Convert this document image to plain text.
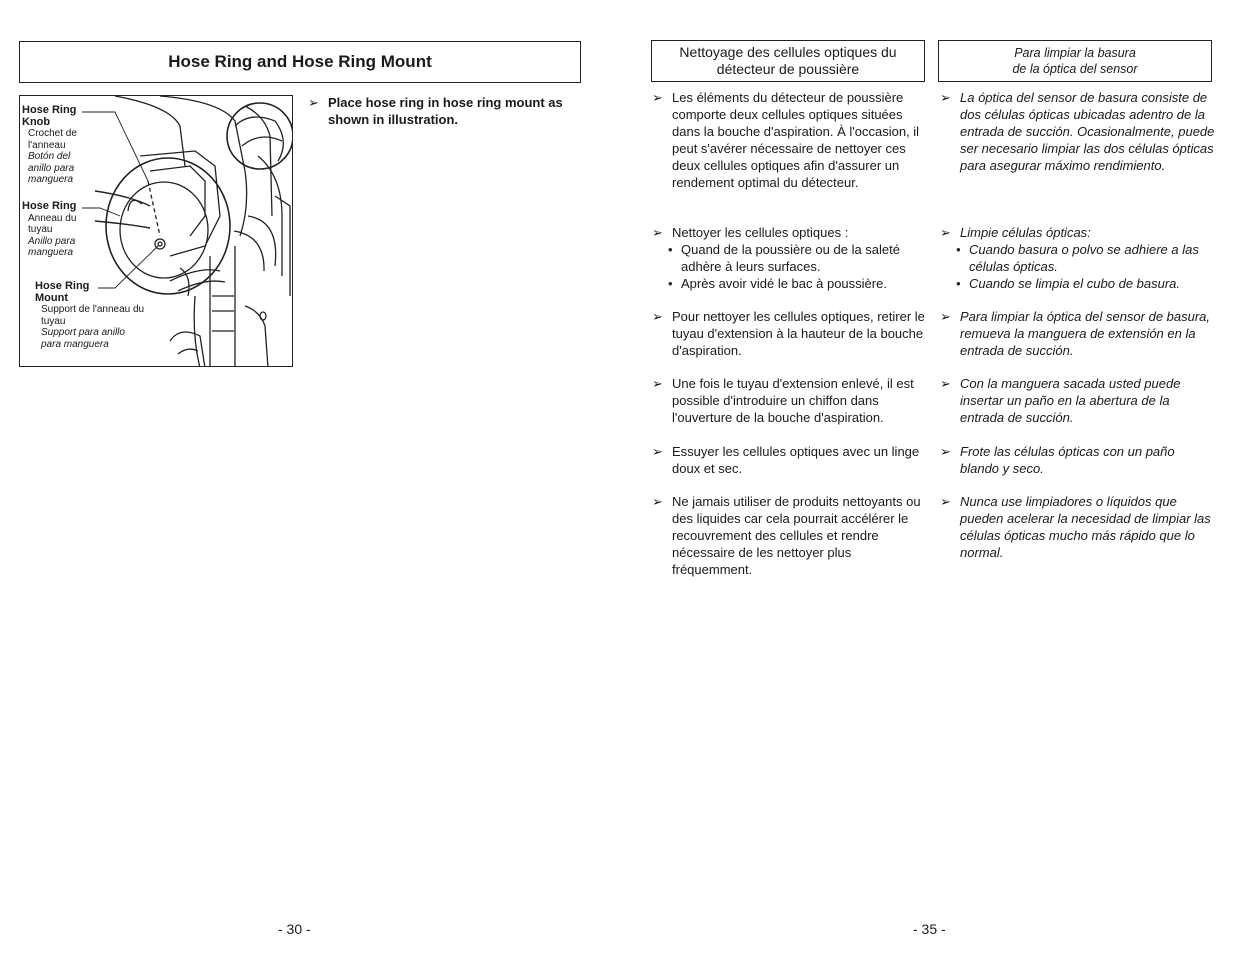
Hose Ring and Hose Ring Mount
Hose Ring Knob
Crochet de l'anneau
Botón del anillo para manguera
Hose Ring
Anneau du tuyau
Anillo para manguera
Hose Ring Mount
Support de l'anneau du tuyau
Support para anillo para manguera
➢ Place hose ring in hose ring mount as shown in illustration.
- 30 -
Nettoyage des cellules optiques du
détecteur de poussière
Para limpiar la basura
de la óptica del sensor
➢ Les éléments du détecteur de poussière comporte deux cellules optiques situées dans la bouche d'aspiration. À l'occasion, il peut s'avérer nécessaire de nettoyer ces deux cellules optiques afin d'assurer un rendement optimal du détecteur.
➢ Nettoyer les cellules optiques :
• Quand de la poussière ou de la saleté adhère à leurs surfaces.
• Après avoir vidé le bac à poussière.
➢ Pour nettoyer les cellules optiques, retirer le tuyau d'extension à la hauteur de la bouche d'aspiration.
➢ Une fois le tuyau d'extension enlevé, il est possible d'introduire un chiffon dans l'ouverture de la bouche d'aspiration.
➢ Essuyer les cellules optiques avec un linge doux et sec.
➢ Ne jamais utiliser de produits nettoyants ou des liquides car cela pourrait accélérer le recouvrement des cellules et rendre nécessaire de les nettoyer plus fréquemment.
➢ La óptica del sensor de basura consiste de dos células ópticas ubicadas adentro de la entrada de succión. Ocasionalmente, puede ser necesario limpiar las dos células ópticas para asegurar máximo rendimiento.
➢ Limpie células ópticas:
• Cuando basura o polvo se adhiere a las células ópticas.
• Cuando se limpia el cubo de basura.
➢ Para limpiar la óptica del sensor de basura, remueva la manguera de extensión en la entrada de succión.
➢ Con la manguera sacada usted puede insertar un paño en la abertura de la entrada de succión.
➢ Frote las células ópticas con un paño blando y seco.
➢ Nunca use limpiadores o líquidos que pueden acelerar la necesidad de limpiar las células ópticas mucho más rápido que lo normal.
- 35 -
